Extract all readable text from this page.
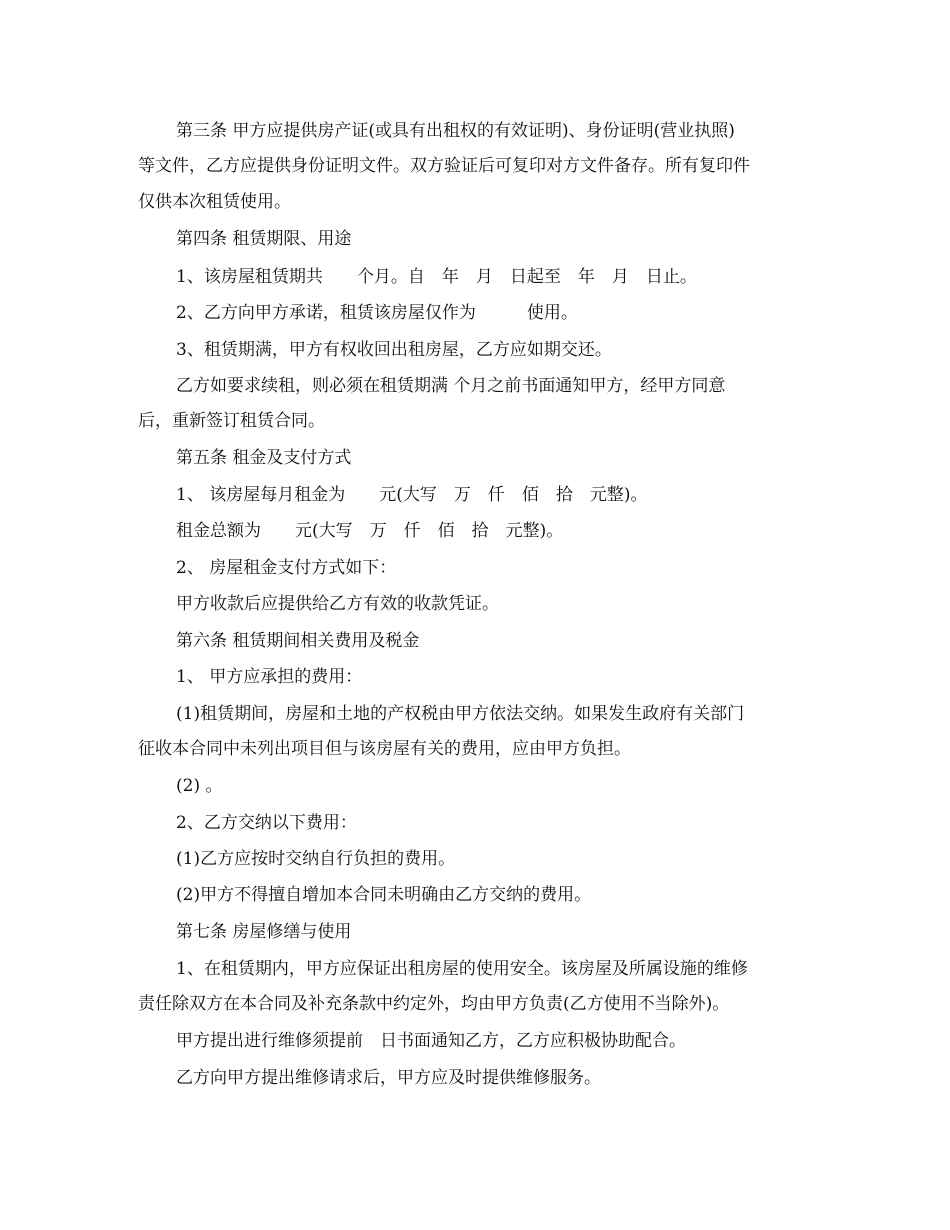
第三条 甲方应提供房产证(或具有出租权的有效证明)、身份证明(营业执照)
等文件，乙方应提供身份证明文件。双方验证后可复印对方文件备存。所有复印件
仅供本次租赁使用。
第四条 租赁期限、用途
1、该房屋租赁期共　　个月。自　年　月　日起至　年　月　日止。
2、乙方向甲方承诺，租赁该房屋仅作为　　　使用。
3、租赁期满，甲方有权收回出租房屋，乙方应如期交还。
乙方如要求续租，则必须在租赁期满 个月之前书面通知甲方，经甲方同意
后，重新签订租赁合同。
第五条 租金及支付方式
1、 该房屋每月租金为　　元(大写　万　仟　佰　拾　元整)。
租金总额为　　元(大写　万　仟　佰　拾　元整)。
2、 房屋租金支付方式如下：
甲方收款后应提供给乙方有效的收款凭证。
第六条 租赁期间相关费用及税金
1、 甲方应承担的费用：
(1)租赁期间，房屋和土地的产权税由甲方依法交纳。如果发生政府有关部门
征收本合同中未列出项目但与该房屋有关的费用，应由甲方负担。
(2) 。
2、乙方交纳以下费用：
(1)乙方应按时交纳自行负担的费用。
(2)甲方不得擅自增加本合同未明确由乙方交纳的费用。
第七条 房屋修缮与使用
1、在租赁期内，甲方应保证出租房屋的使用安全。该房屋及所属设施的维修
责任除双方在本合同及补充条款中约定外，均由甲方负责(乙方使用不当除外)。
甲方提出进行维修须提前　日书面通知乙方，乙方应积极协助配合。
乙方向甲方提出维修请求后，甲方应及时提供维修服务。
